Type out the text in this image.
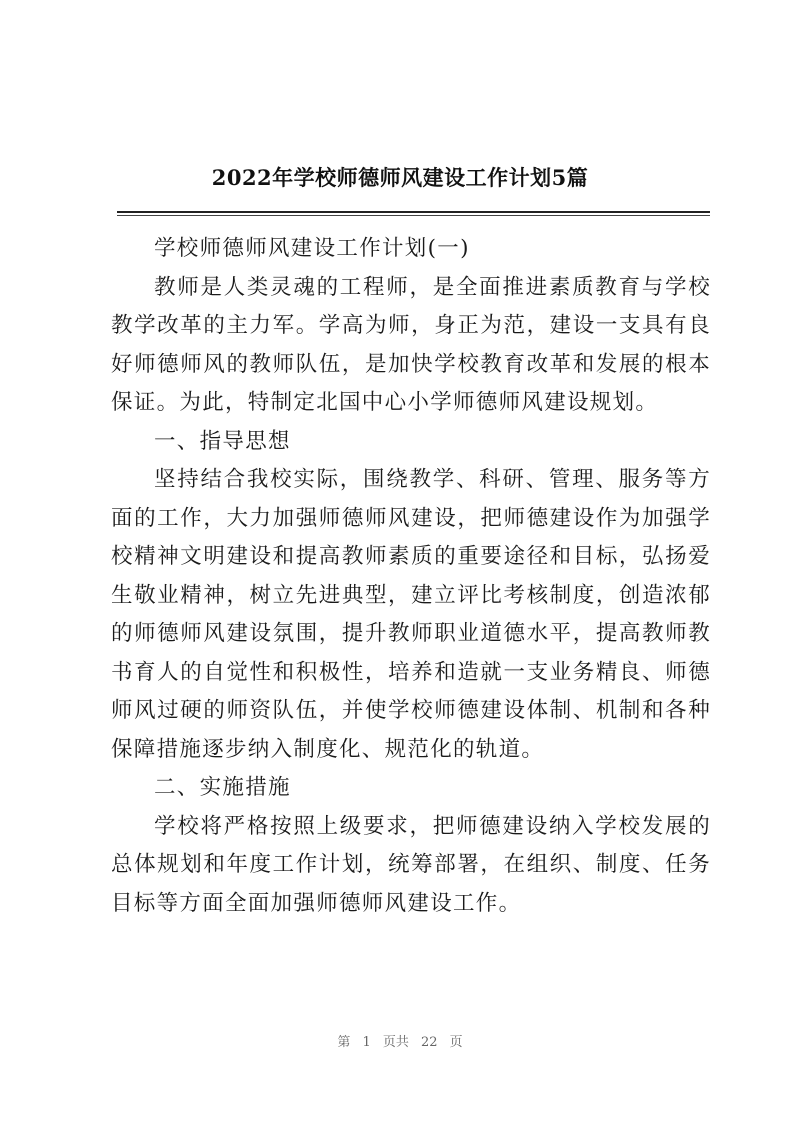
2022年学校师德师风建设工作计划5篇

学校师德师风建设工作计划(一)

教师是人类灵魂的工程师，是全面推进素质教育与学校教学改革的主力军。学高为师，身正为范，建设一支具有良好师德师风的教师队伍，是加快学校教育改革和发展的根本保证。为此，特制定北国中心小学师德师风建设规划。

一、指导思想

坚持结合我校实际，围绕教学、科研、管理、服务等方面的工作，大力加强师德师风建设，把师德建设作为加强学校精神文明建设和提高教师素质的重要途径和目标，弘扬爱生敬业精神，树立先进典型，建立评比考核制度，创造浓郁的师德师风建设氛围，提升教师职业道德水平，提高教师教书育人的自觉性和积极性，培养和造就一支业务精良、师德师风过硬的师资队伍，并使学校师德建设体制、机制和各种保障措施逐步纳入制度化、规范化的轨道。

二、实施措施

学校将严格按照上级要求，把师德建设纳入学校发展的总体规划和年度工作计划，统筹部署，在组织、制度、任务目标等方面全面加强师德师风建设工作。

第 1 页共 22 页
